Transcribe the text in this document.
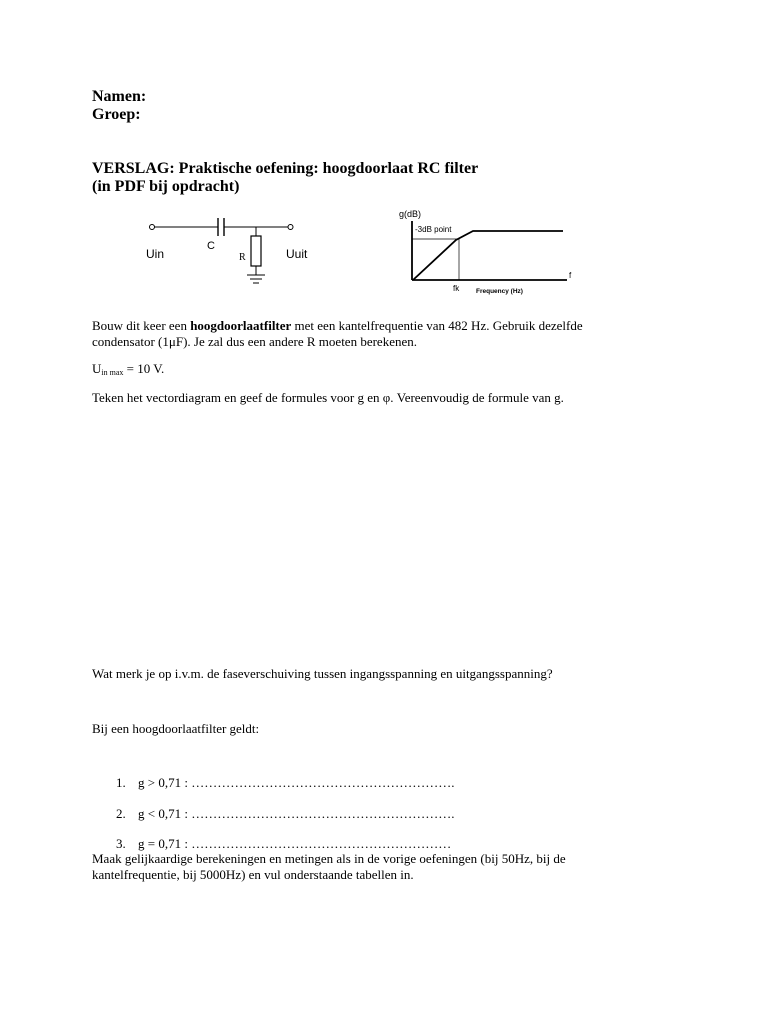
Namen:
Groep:
VERSLAG: Praktische oefening: hoogdoorlaat RC filter
(in PDF bij opdracht)
Uin
C
R	Uuit
g(dB)
-3dB point
fk	Frequency (Hz)
f
Bouw dit keer een hoogdoorlaatfilter met een kantelfrequentie van 482 Hz. Gebruik dezelfde
condensator (1μF). Je zal dus een andere R moeten berekenen.
$U_{in max} = 10$ V.
Teken het vectordiagram en geef de formules voor g en φ. Vereenvoudig de formule van g.
Wat merk je op i.v.m. de faseverschuiving tussen ingangsspanning en uitgangsspanning?
Bij een hoogdoorlaatfilter geldt:
1. g > 0,71 : …………………………………………………….
2. g < 0,71 : …………………………………………………….
3. g = 0,71 : ……………………………………………………
Maak gelijkaardige berekeningen en metingen als in de vorige oefeningen (bij 50Hz, bij de
kantelfrequentie, bij 5000Hz) en vul onderstaande tabellen in.
